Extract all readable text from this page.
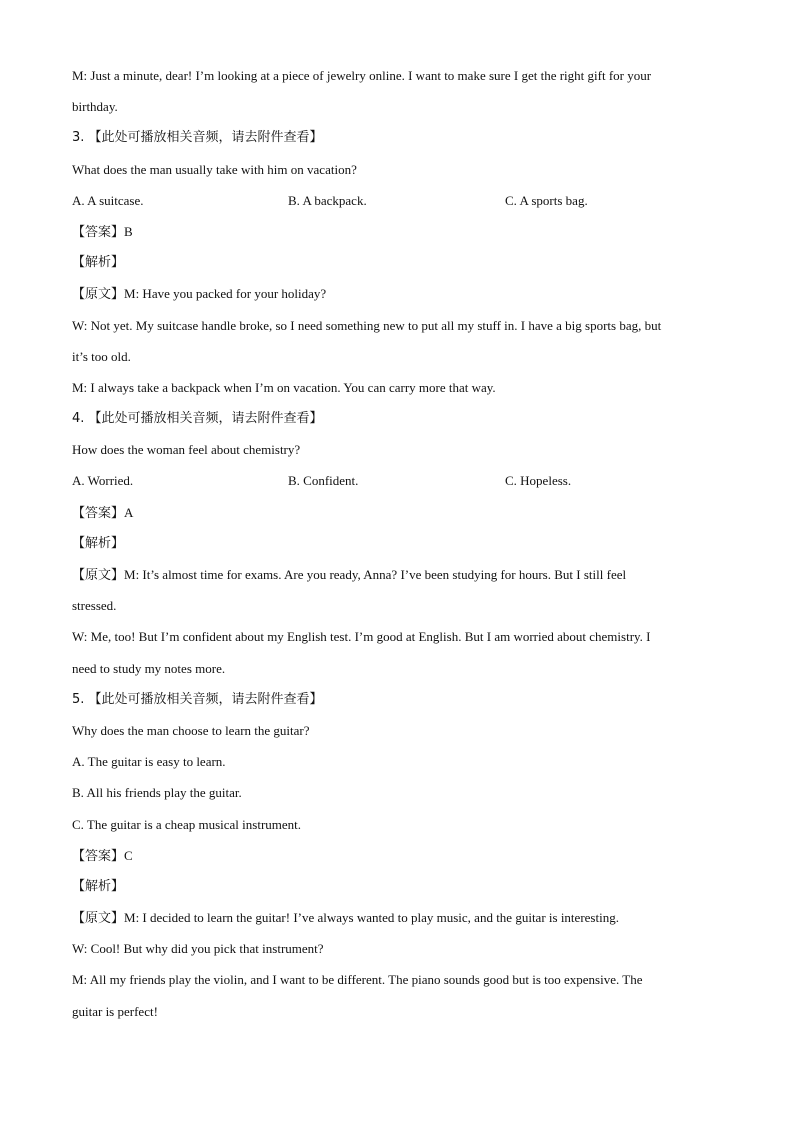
M: Just a minute, dear! I’m looking at a piece of jewelry online. I want to make sure I get the right gift for your
birthday.
3. 【此处可播放相关音频，请去附件查看】
What does the man usually take with him on vacation?
A. A suitcase.	B. A backpack.	C. A sports bag.
【答案】B
【解析】
【原文】M: Have you packed for your holiday?
W: Not yet. My suitcase handle broke, so I need something new to put all my stuff in. I have a big sports bag, but
it’s too old.
M: I always take a backpack when I’m on vacation. You can carry more that way.
4. 【此处可播放相关音频，请去附件查看】
How does the woman feel about chemistry?
A. Worried.	B. Confident.	C. Hopeless.
【答案】A
【解析】
【原文】M: It’s almost time for exams. Are you ready, Anna? I’ve been studying for hours. But I still feel
stressed.
W: Me, too! But I’m confident about my English test. I’m good at English. But I am worried about chemistry. I
need to study my notes more.
5. 【此处可播放相关音频，请去附件查看】
Why does the man choose to learn the guitar?
A. The guitar is easy to learn.
B. All his friends play the guitar.
C. The guitar is a cheap musical instrument.
【答案】C
【解析】
【原文】M: I decided to learn the guitar! I’ve always wanted to play music, and the guitar is interesting.
W: Cool! But why did you pick that instrument?
M: All my friends play the violin, and I want to be different. The piano sounds good but is too expensive. The
guitar is perfect!
